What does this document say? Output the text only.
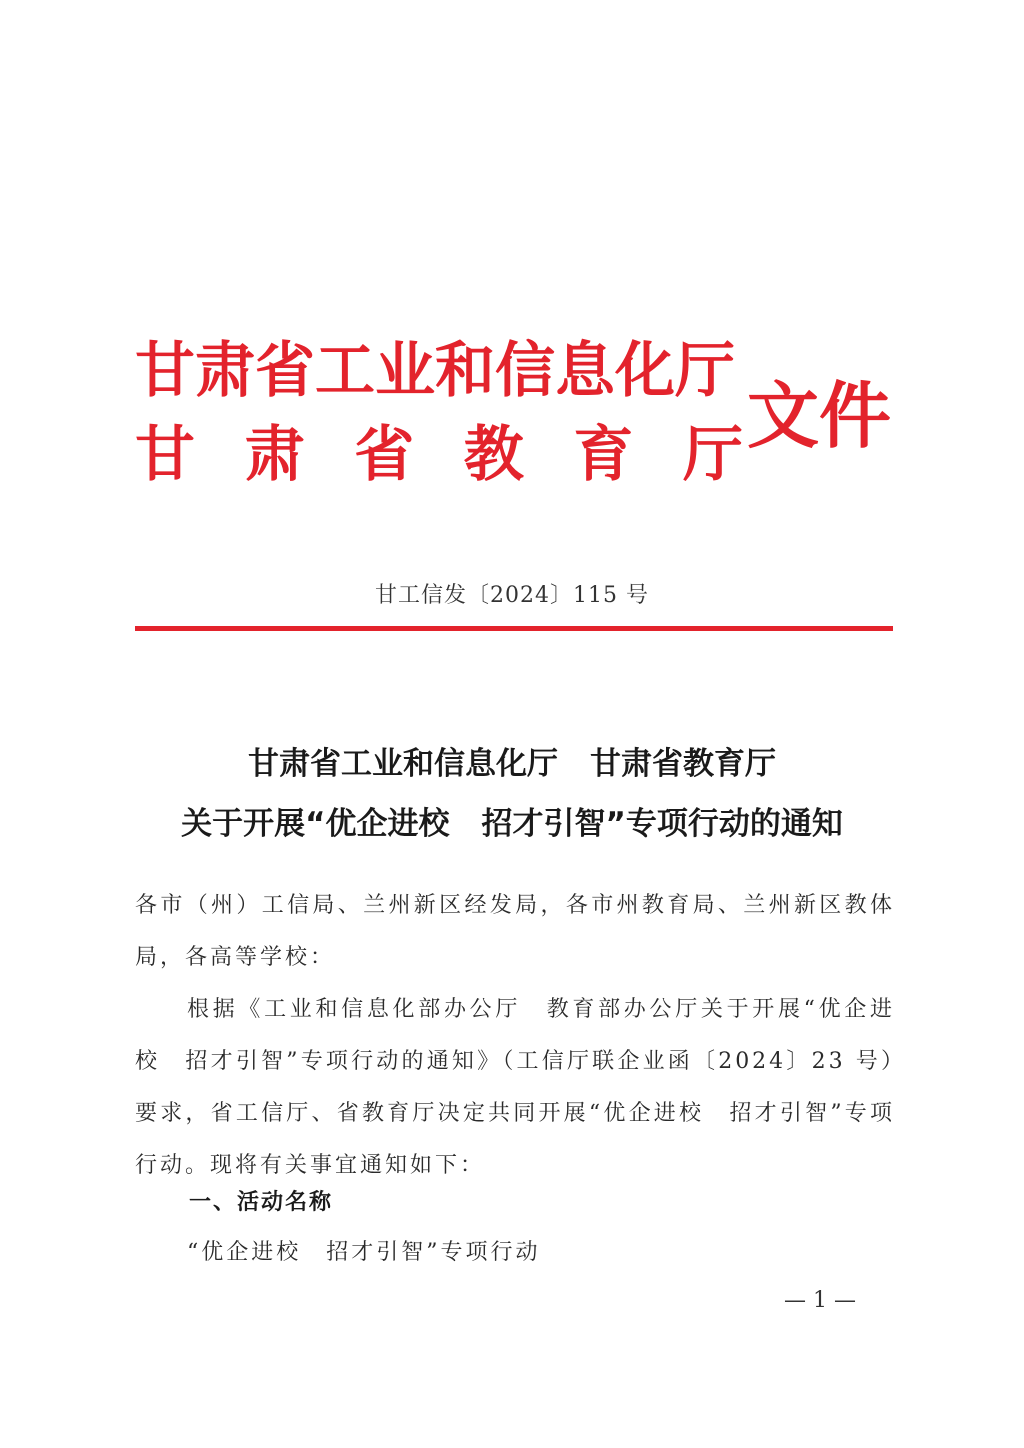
甘肃省工业和信息化厅
甘 肃 省 教 育 厅 文件
甘工信发〔2024〕115 号
甘肃省工业和信息化厅 甘肃省教育厅
关于开展“优企进校 招才引智”专项行动的通知
各市（州）工信局、兰州新区经发局，各市州教育局、兰州新区教体局，各高等学校：
根据《工业和信息化部办公厅　教育部办公厅关于开展“优企进校　招才引智”专项行动的通知》（工信厅联企业函〔2024〕23 号）要求，省工信厅、省教育厅决定共同开展“优企进校　招才引智”专项行动。现将有关事宜通知如下：
一、活动名称
“优企进校　招才引智”专项行动
— 1 —
